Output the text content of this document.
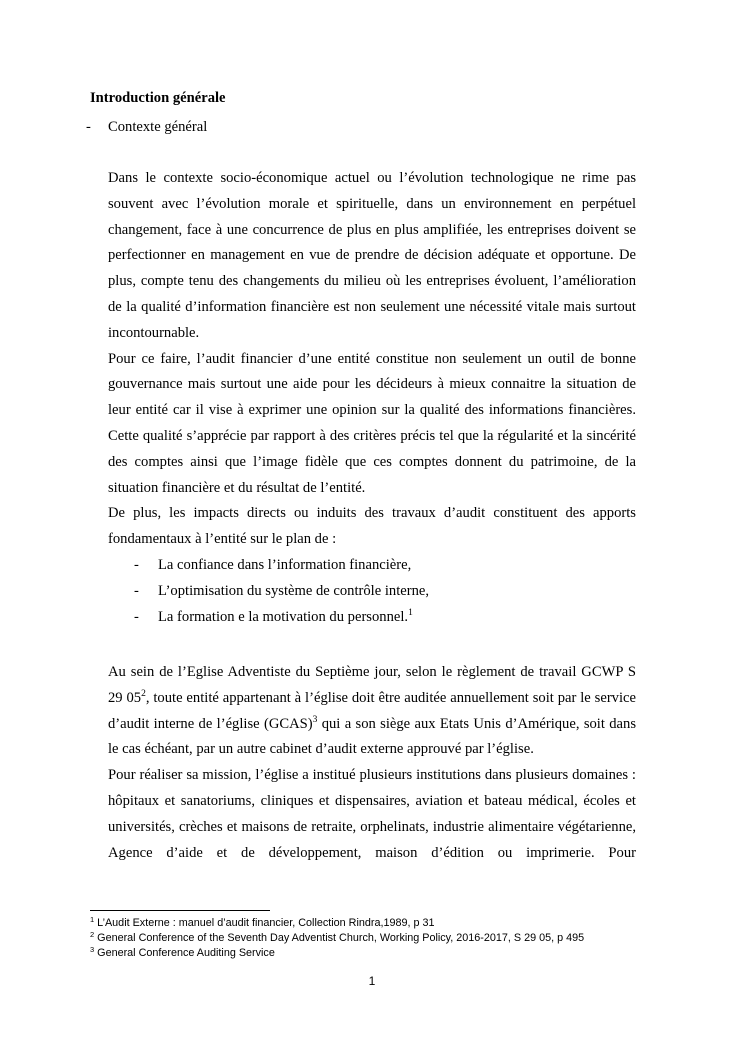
Introduction générale
- Contexte général

Dans le contexte socio-économique actuel ou l’évolution technologique ne rime pas souvent avec l’évolution morale et spirituelle, dans un environnement en perpétuel changement, face à une concurrence de plus en plus amplifiée, les entreprises doivent se perfectionner en management en vue de prendre de décision adéquate et opportune. De plus, compte tenu des changements du milieu où les entreprises évoluent, l’amélioration de la qualité d’information financière est non seulement une nécessité vitale mais surtout incontournable.

Pour ce faire, l’audit financier d’une entité constitue non seulement un outil de bonne gouvernance mais surtout une aide pour les décideurs à mieux connaitre la situation de leur entité car il vise à exprimer une opinion sur la qualité des informations financières. Cette qualité s’apprécie par rapport à des critères précis tel que la régularité et la sincérité des comptes ainsi que l’image fidèle que ces comptes donnent du patrimoine, de la situation financière et du résultat de l’entité.

De plus, les impacts directs ou induits des travaux d’audit constituent des apports fondamentaux à l’entité sur le plan de :

- La confiance dans l’information financière,
- L’optimisation du système de contrôle interne,
- La formation e la motivation du personnel.$^1$

Au sein de l’Eglise Adventiste du Septième jour, selon le règlement de travail GCWP S 29 $05^2$, toute entité appartenant à l’église doit être auditée annuellement soit par le service d’audit interne de l’église (GCAS)$^3$ qui a son siège aux Etats Unis d’Amérique, soit dans le cas échéant, par un autre cabinet d’audit externe approuvé par l’église.

Pour réaliser sa mission, l’église a institué plusieurs institutions dans plusieurs domaines : hôpitaux et sanatoriums, cliniques et dispensaires, aviation et bateau médical, écoles et universités, crèches et maisons de retraite, orphelinats, industrie alimentaire végétarienne, Agence d’aide et de développement, maison d’édition ou imprimerie. Pour

$^1$ L’Audit Externe : manuel d’audit financier, Collection Rindra,1989, p 31
$^2$ General Conference of the Seventh Day Adventist Church, Working Policy, 2016-2017, S 29 05, p 495
$^3$ General Conference Auditing Service
1
